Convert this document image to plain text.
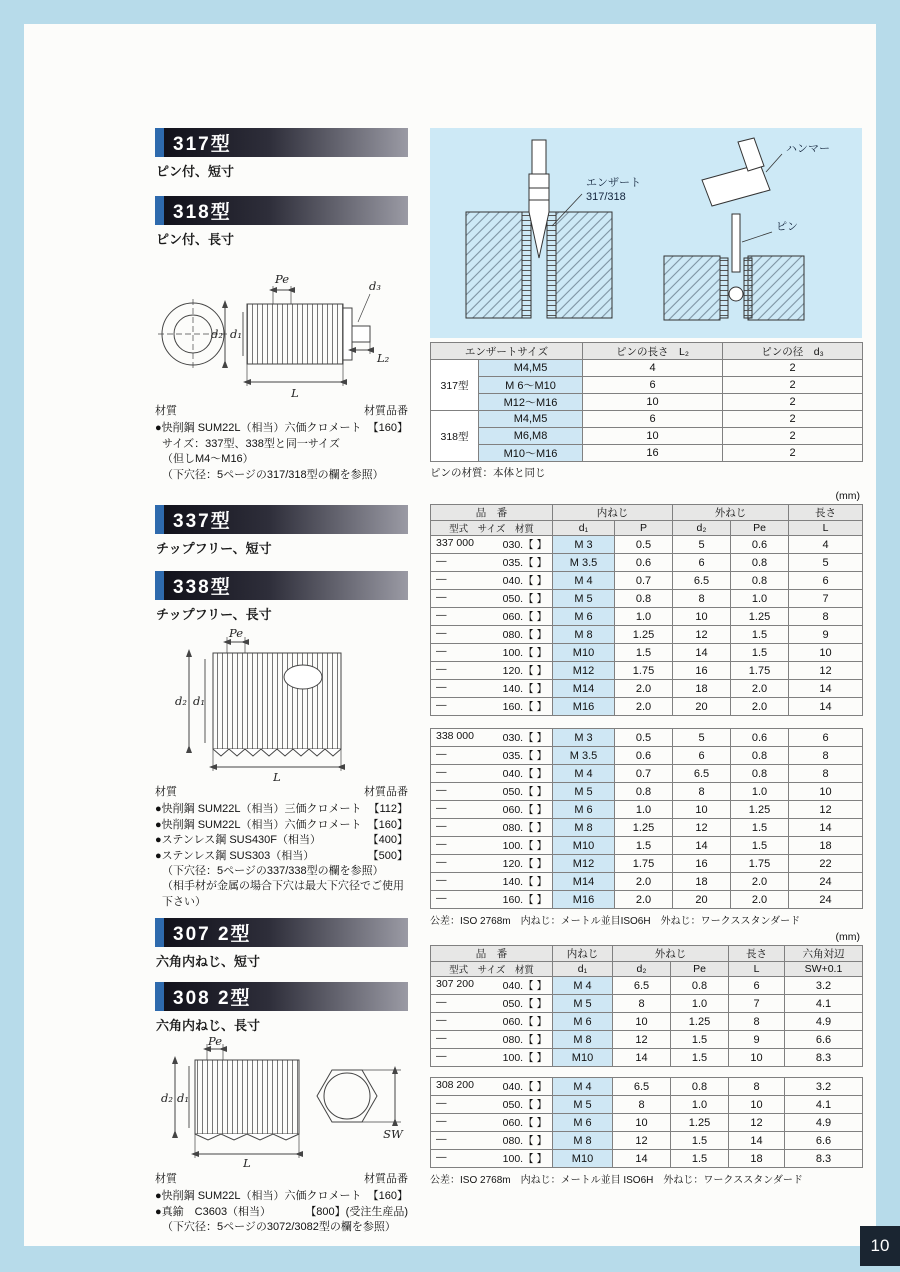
317型
ピン付、短寸
318型
ピン付、長寸
Pe	d₃
d₂ d₁
L₂
L
材質	材質品番
●快削鋼 SUM22L（相当）六価クロメート 【160】
サイズ：337型、338型と同一サイズ
（但しM4～M16）
（下穴径：5ページの317/318型の欄を参照）
337型
チップフリー、短寸
338型
チップフリー、長寸
Pe
d₂ d₁
L
材質	材質品番
●快削鋼 SUM22L（相当）三価クロメート 【112】
●快削鋼 SUM22L（相当）六価クロメート 【160】
●ステンレス鋼 SUS430F（相当）	【400】
●ステンレス鋼 SUS303（相当）	【500】
（下穴径：5ページの337/338型の欄を参照）
（相手材が金属の場合下穴は最大下穴径でご使用下さい）
307 2型
六角内ねじ、短寸
308 2型
六角内ねじ、長寸
Pe
d₂ d₁
L
SW
材質	材質品番
●快削鋼 SUM22L（相当）六価クロメート 【160】
●真鍮　C3603（相当）	【800】(受注生産品)
（下穴径：5ページの3072/3082型の欄を参照）
エンザート
317/318
ハンマー
ピン
エンザートサイズ		ピンの長さ　L₂	ピンの径　d₃
317型	M4,M5	4	2
	M 6～M10	6	2
	M12～M16	10	2
318型	M4,M5	6	2
	M6,M8	10	2
	M10～M16	16	2
ピンの材質：本体と同じ
(mm)
品　番	内ねじ		外ねじ		長さ
型式　サイズ　材質	d₁	P	d₂	Pe	L

337 000 030.【 】	M 3	0.5	5	0.6	4

― 035.【 】	M 3.5	0.6	6	0.8	5

― 040.【 】	M 4	0.7	6.5	0.8	6

― 050.【 】	M 5	0.8	8	1.0	7

― 060.【 】	M 6	1.0	10	1.25	8

― 080.【 】	M 8	1.25	12	1.5	9

― 100.【 】	M10	1.5	14	1.5	10

― 120.【 】	M12	1.75	16	1.75	12

― 140.【 】	M14	2.0	18	2.0	14

― 160.【 】	M16	2.0	20	2.0	14
338 000 030.【 】	M 3	0.5	5	0.6	6

― 035.【 】	M 3.5	0.6	6	0.8	8

― 040.【 】	M 4	0.7	6.5	0.8	8

― 050.【 】	M 5	0.8	8	1.0	10

― 060.【 】	M 6	1.0	10	1.25	12

― 080.【 】	M 8	1.25	12	1.5	14

― 100.【 】	M10	1.5	14	1.5	18

― 120.【 】	M12	1.75	16	1.75	22

― 140.【 】	M14	2.0	18	2.0	24

― 160.【 】	M16	2.0	20	2.0	24
公差：ISO 2768m　内ねじ：メートル並目ISO6H　外ねじ：ワークススタンダード
(mm)
品　番	内ねじ	外ねじ		長さ	六角対辺
型式　サイズ　材質	d₁	d₂	Pe	L	SW+0.1

307 200 040.【 】	M 4	6.5	0.8	6	3.2

― 050.【 】	M 5	8	1.0	7	4.1

― 060.【 】	M 6	10	1.25	8	4.9

― 080.【 】	M 8	12	1.5	9	6.6

― 100.【 】	M10	14	1.5	10	8.3
308 200 040.【 】	M 4	6.5	0.8	8	3.2

― 050.【 】	M 5	8	1.0	10	4.1

― 060.【 】	M 6	10	1.25	12	4.9

― 080.【 】	M 8	12	1.5	14	6.6

― 100.【 】	M10	14	1.5	18	8.3
公差：ISO 2768m　内ねじ：メートル並目 ISO6H　外ねじ：ワークススタンダード
10
